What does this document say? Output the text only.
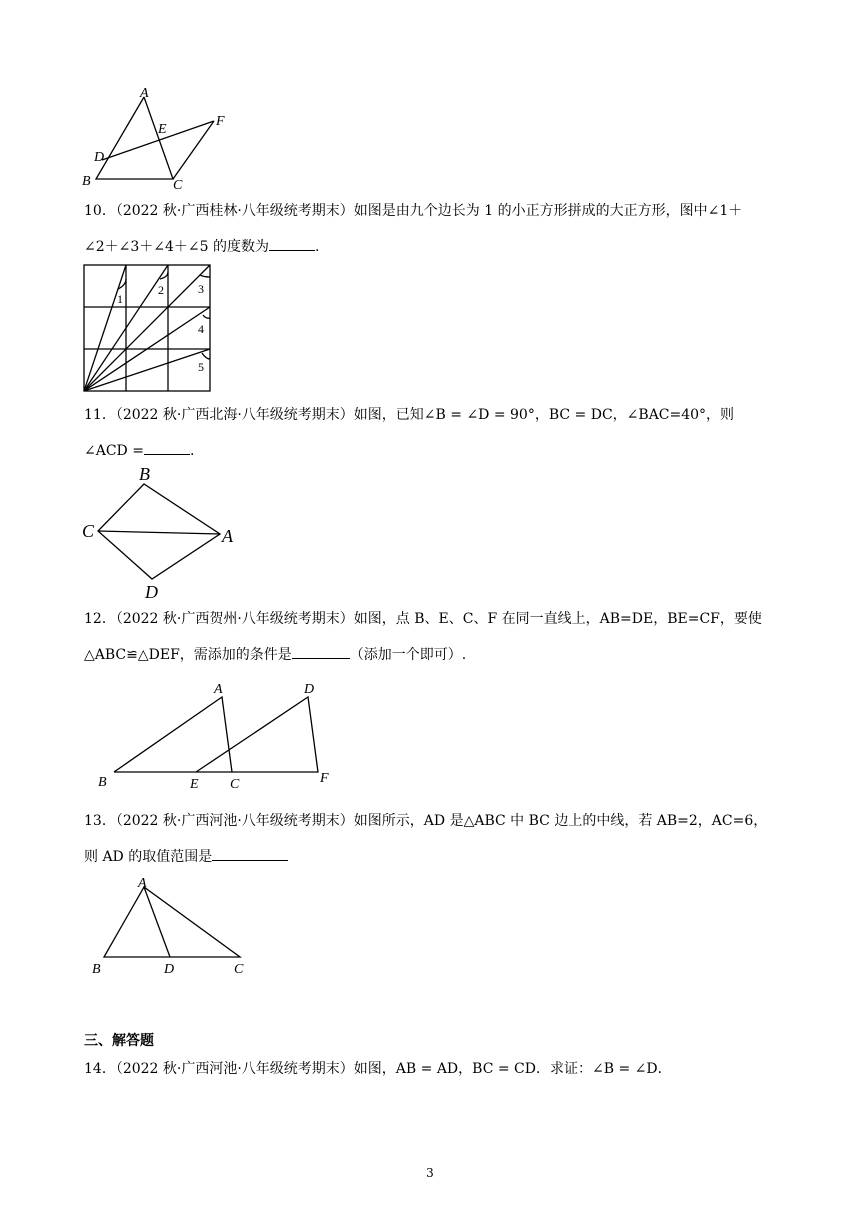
A
B	C
D
E
F
10．（2022 秋·广西桂林·八年级统考期末）如图是由九个边长为 1 的小正方形拼成的大正方形，图中∠1＋
∠2＋∠3＋∠4＋∠5 的度数为	.
1
2	3
4
5
11．（2022 秋·广西北海·八年级统考期末）如图，已知∠B = ∠D = 90°，BC = DC，∠BAC=40°，则
∠ACD =	.
B
C	A
D
12．（2022 秋·广西贺州·八年级统考期末）如图，点 B、E、C、F 在同一直线上，AB=DE，BE=CF，要使
△ABC≌△DEF，需添加的条件是	（添加一个即可）.
A	D
B	E C	F
13．（2022 秋·广西河池·八年级统考期末）如图所示，AD 是△ABC 中 BC 边上的中线，若 AB=2，AC=6，
则 AD 的取值范围是
A
B	D	C
三、解答题
14．（2022 秋·广西河池·八年级统考期末）如图，AB = AD，BC = CD．求证：∠B = ∠D．
3
